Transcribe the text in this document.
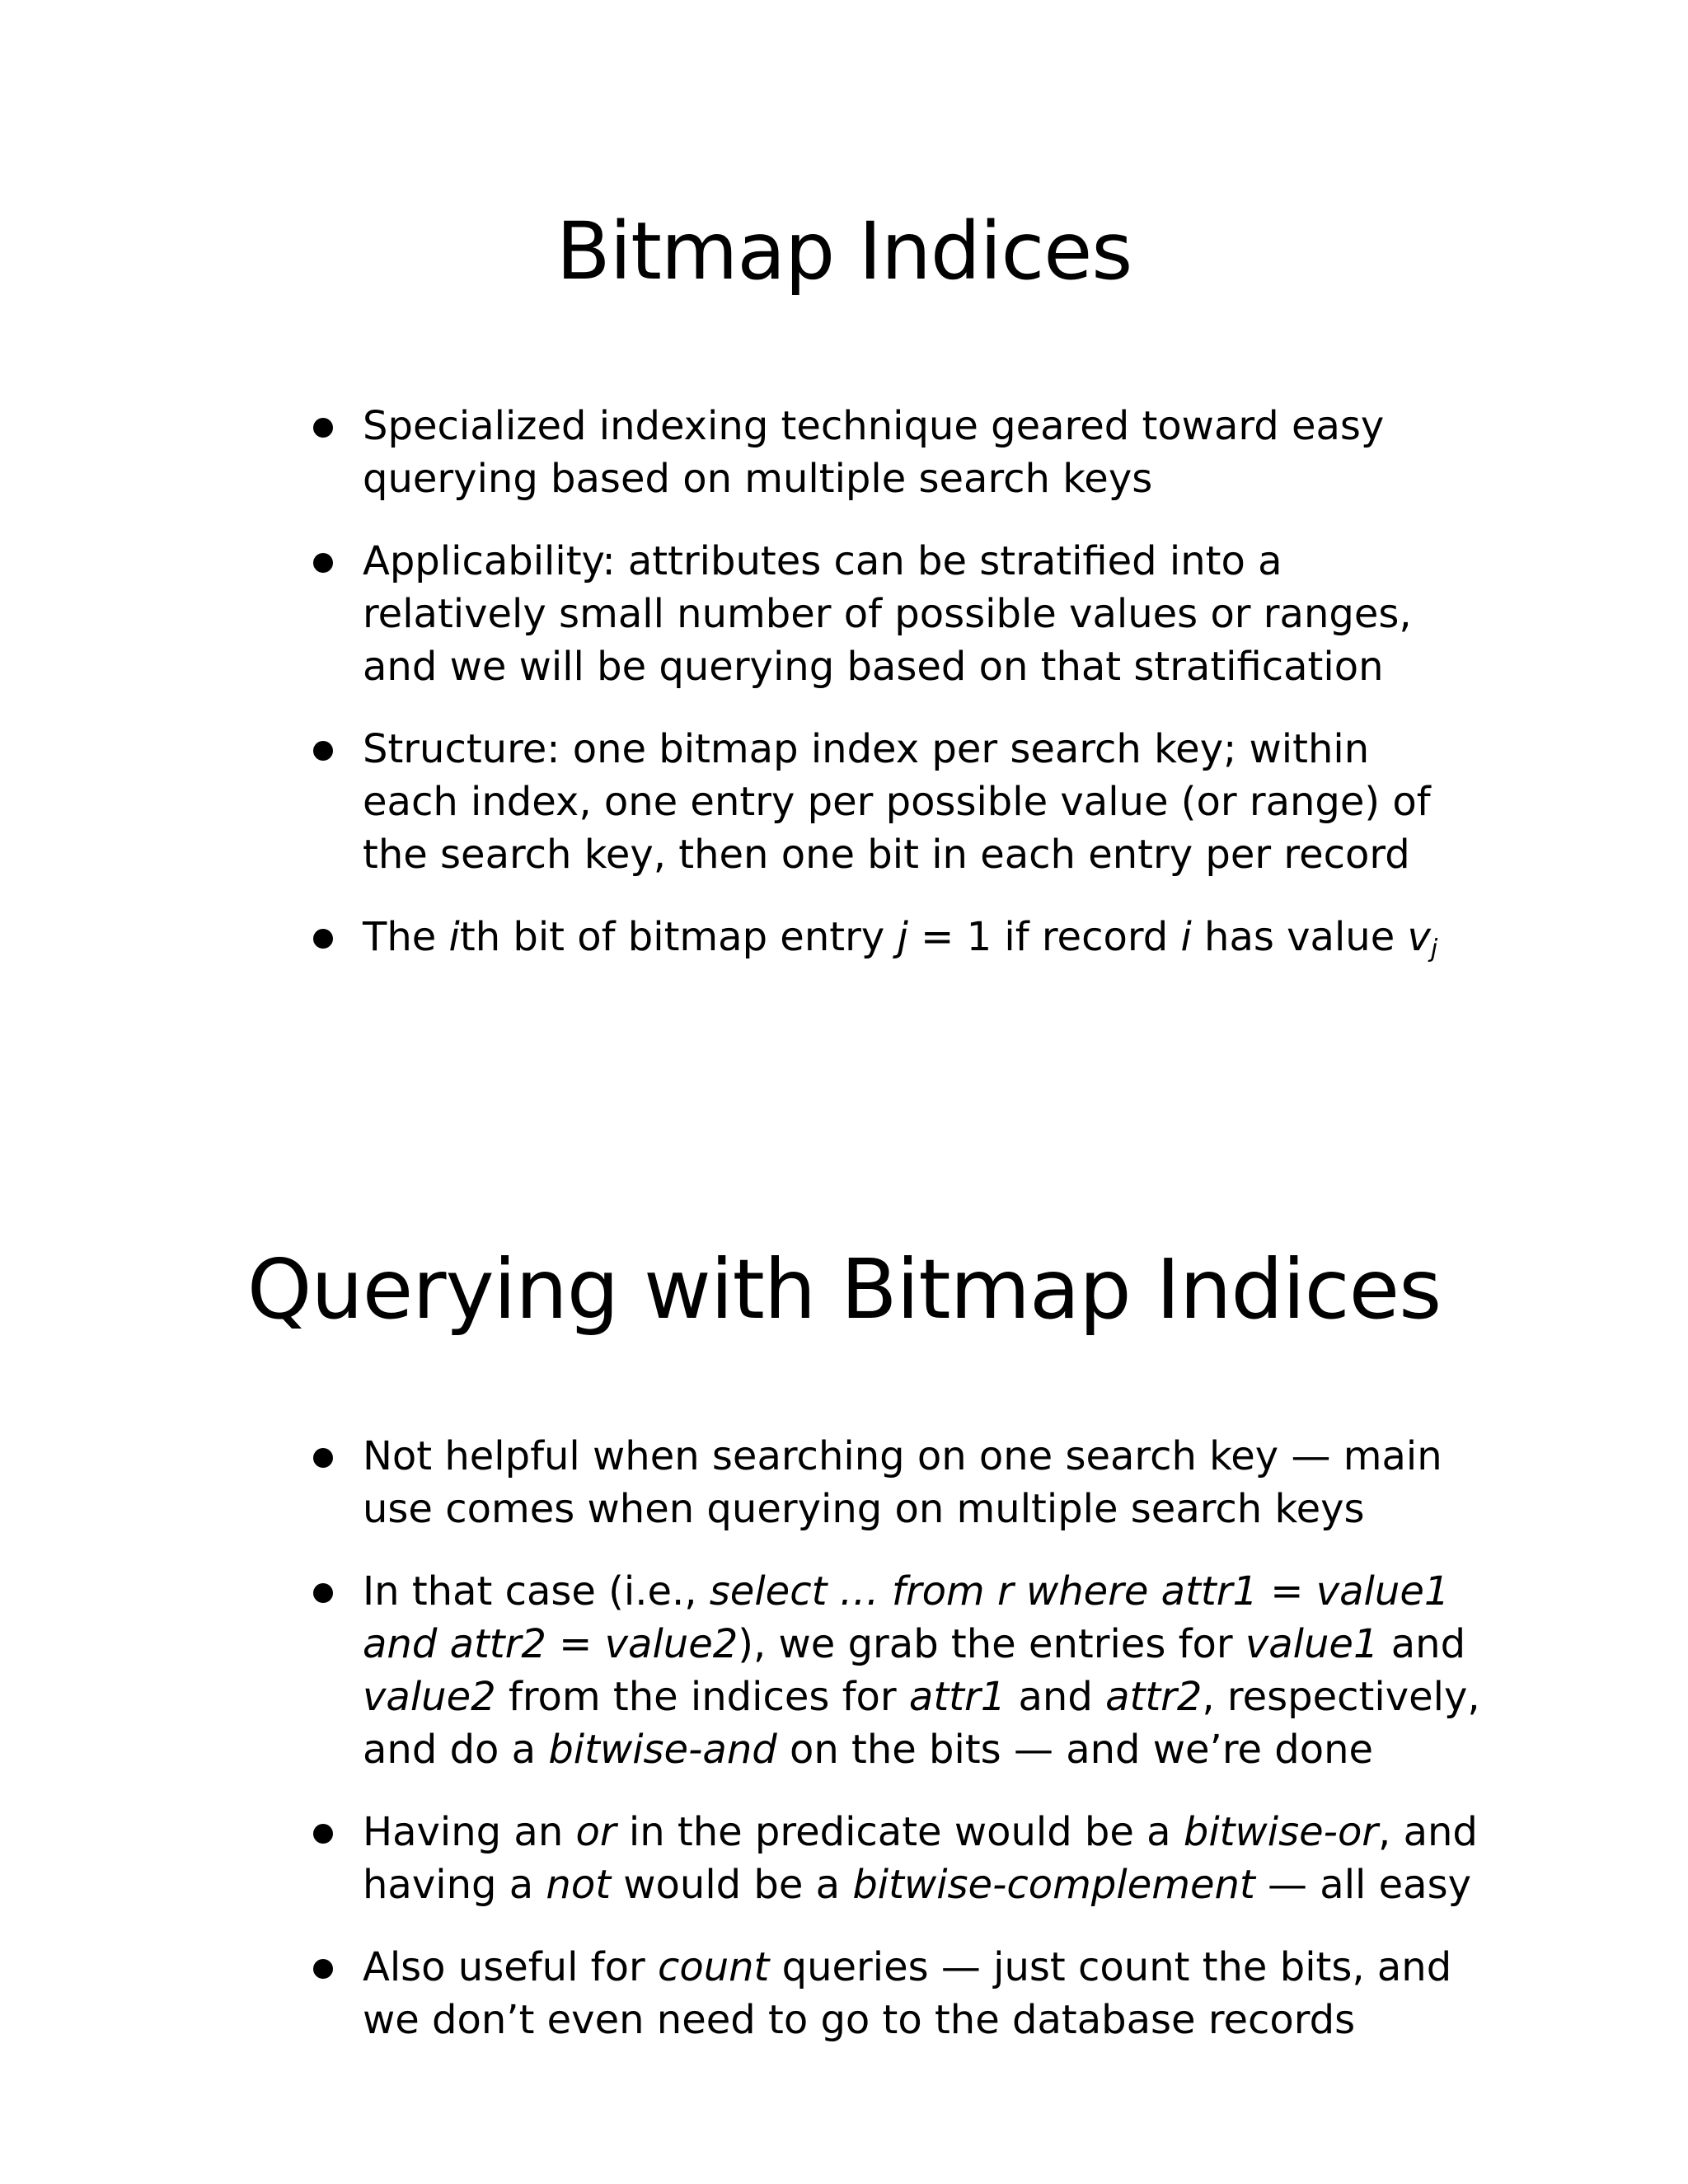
Bitmap Indices
Specialized indexing technique geared toward easy
querying based on multiple search keys
Applicability: attributes can be stratified into a
relatively small number of possible values or ranges,
and we will be querying based on that stratification
Structure: one bitmap index per search key; within
each index, one entry per possible value (or range) of
the search key, then one bit in each entry per record
The ith bit of bitmap entry j = 1 if record i has value $v_j$
Querying with Bitmap Indices
Not helpful when searching on one search key — main
use comes when querying on multiple search keys
In that case (i.e., select … from r where attr1 = value1
and attr2 = value2), we grab the entries for value1 and
value2 from the indices for attr1 and attr2, respectively,
and do a bitwise-and on the bits — and we’re done
Having an or in the predicate would be a bitwise-or, and
having a not would be a bitwise-complement — all easy
Also useful for count queries — just count the bits, and
we don’t even need to go to the database records
